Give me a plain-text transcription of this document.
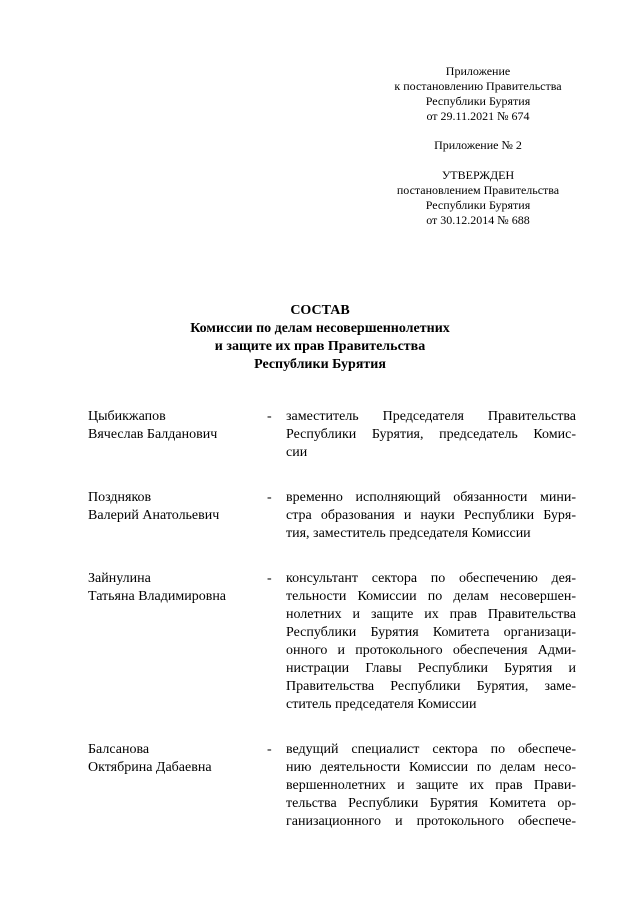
Приложение
к постановлению Правительства
Республики Бурятия
от 29.11.2021 № 674
Приложение № 2
УТВЕРЖДЕН
постановлением Правительства
Республики Бурятия
от 30.12.2014 № 688
СОСТАВ
Комиссии по делам несовершеннолетних
и защите их прав Правительства
Республики Бурятия
Цыбикжапов
Вячеслав Балданович
- заместитель Председателя Правительства
Республики Бурятия, председатель Комис-
сии
Поздняков
Валерий Анатольевич
- временно исполняющий обязанности мини-
стра образования и науки Республики Буря-
тия, заместитель председателя Комиссии
Зайнулина
Татьяна Владимировна
- консультант сектора по обеспечению дея-
тельности Комиссии по делам несовершен-
нолетних и защите их прав Правительства
Республики Бурятия Комитета организаци-
онного и протокольного обеспечения Адми-
нистрации Главы Республики Бурятия и
Правительства Республики Бурятия, заме-
ститель председателя Комиссии
Балсанова
Октябрина Дабаевна
- ведущий специалист сектора по обеспече-
нию деятельности Комиссии по делам несо-
вершеннолетних и защите их прав Прави-
тельства Республики Бурятия Комитета ор-
ганизационного и протокольного обеспече-
